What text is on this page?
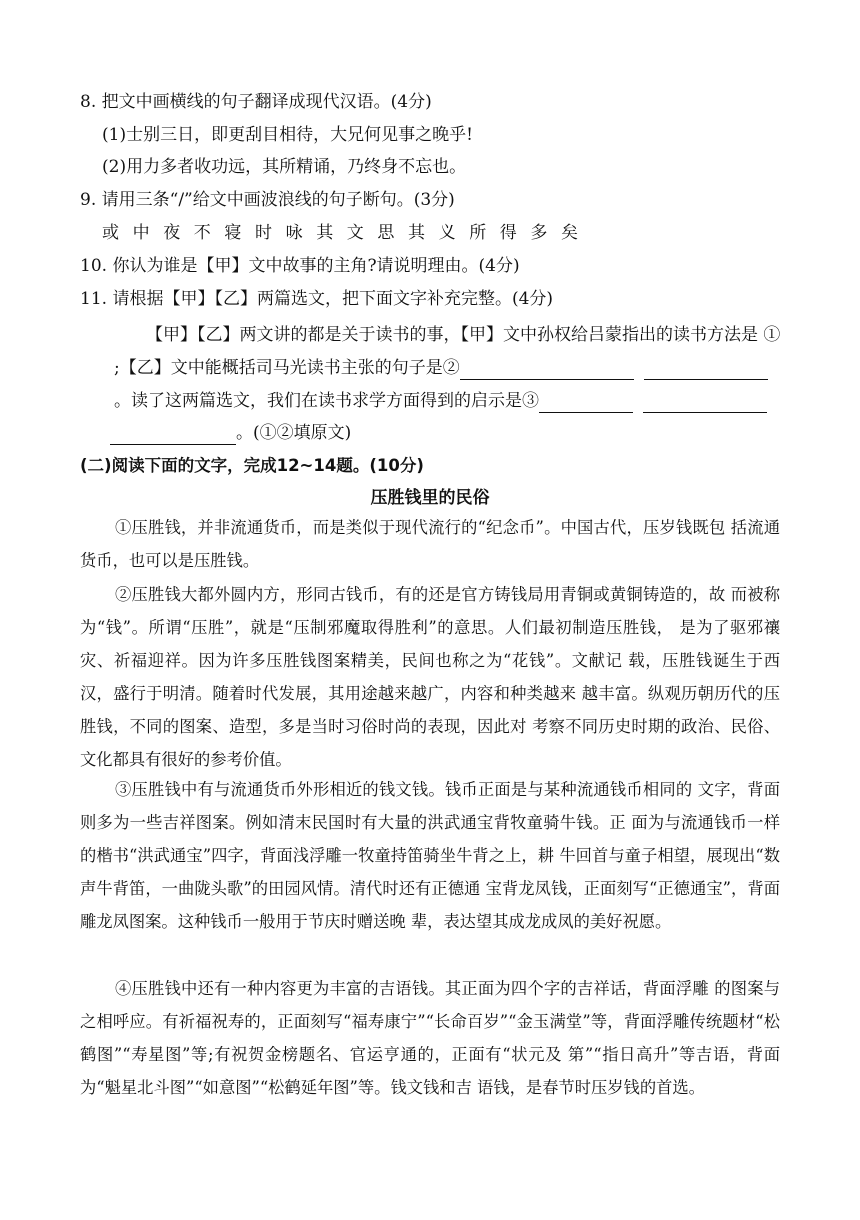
8. 把文中画横线的句子翻译成现代汉语。(4分)
(1)士别三日，即更刮目相待，大兄何见事之晚乎!
(2)用力多者收功远，其所精诵，乃终身不忘也。
9. 请用三条“/”给文中画波浪线的句子断句。(3分)
或中夜不寝时咏其文思其义所得多矣
10. 你认为谁是【甲】文中故事的主角?请说明理由。(4分)
11. 请根据【甲】【乙】两篇选文，把下面文字补充完整。(4分)
【甲】【乙】两文讲的都是关于读书的事，【甲】文中孙权给吕蒙指出的读书方法是 ①
;【乙】文中能概括司马光读书主张的句子是②
。读了这两篇选文，我们在读书求学方面得到的启示是③
。(①②填原文)
(二)阅读下面的文字，完成12~14题。(10分)
压胜钱里的民俗

①压胜钱，并非流通货币，而是类似于现代流行的“纪念币”。中国古代，压岁钱既包 括流通货币，也可以是压胜钱。

②压胜钱大都外圆内方，形同古钱币，有的还是官方铸钱局用青铜或黄铜铸造的，故 而被称为“钱”。所谓“压胜”，就是“压制邪魔取得胜利”的意思。人们最初制造压胜钱， 是为了驱邪禳灾、祈福迎祥。因为许多压胜钱图案精美，民间也称之为“花钱”。文献记 载，压胜钱诞生于西汉，盛行于明清。随着时代发展，其用途越来越广，内容和种类越来 越丰富。纵观历朝历代的压胜钱，不同的图案、造型，多是当时习俗时尚的表现，因此对 考察不同历史时期的政治、民俗、文化都具有很好的参考价值。

③压胜钱中有与流通货币外形相近的钱文钱。钱币正面是与某种流通钱币相同的 文字，背面则多为一些吉祥图案。例如清末民国时有大量的洪武通宝背牧童骑牛钱。正 面为与流通钱币一样的楷书“洪武通宝”四字，背面浅浮雕一牧童持笛骑坐牛背之上，耕 牛回首与童子相望，展现出“数声牛背笛，一曲陇头歌”的田园风情。清代时还有正德通 宝背龙凤钱，正面刻写“正德通宝”，背面雕龙凤图案。这种钱币一般用于节庆时赠送晚 辈，表达望其成龙成凤的美好祝愿。

④压胜钱中还有一种内容更为丰富的吉语钱。其正面为四个字的吉祥话，背面浮雕 的图案与之相呼应。有祈福祝寿的，正面刻写“福寿康宁”“长命百岁”“金玉满堂”等，背面浮雕传统题材“松鹤图”“寿星图”等;有祝贺金榜题名、官运亨通的，正面有“状元及 第”“指日高升”等吉语，背面为“魁星北斗图”“如意图”“松鹤延年图”等。钱文钱和吉 语钱，是春节时压岁钱的首选。
